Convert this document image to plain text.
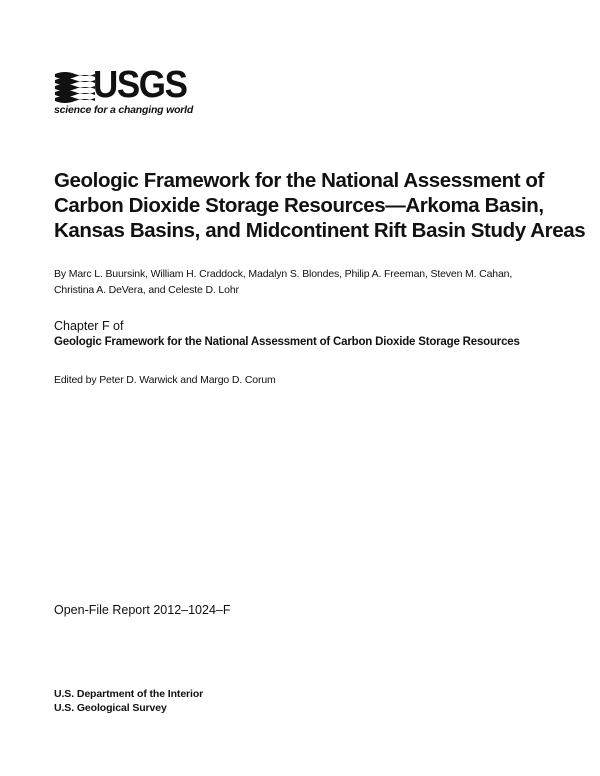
USGS
science for a changing world
Geologic Framework for the National Assessment of
Carbon Dioxide Storage Resources—Arkoma Basin,
Kansas Basins, and Midcontinent Rift Basin Study Areas
By Marc L. Buursink, William H. Craddock, Madalyn S. Blondes, Philip A. Freeman, Steven M. Cahan,
Christina A. DeVera, and Celeste D. Lohr
Chapter F of
Geologic Framework for the National Assessment of Carbon Dioxide Storage Resources
Edited by Peter D. Warwick and Margo D. Corum
Open-File Report 2012–1024–F
U.S. Department of the Interior
U.S. Geological Survey
